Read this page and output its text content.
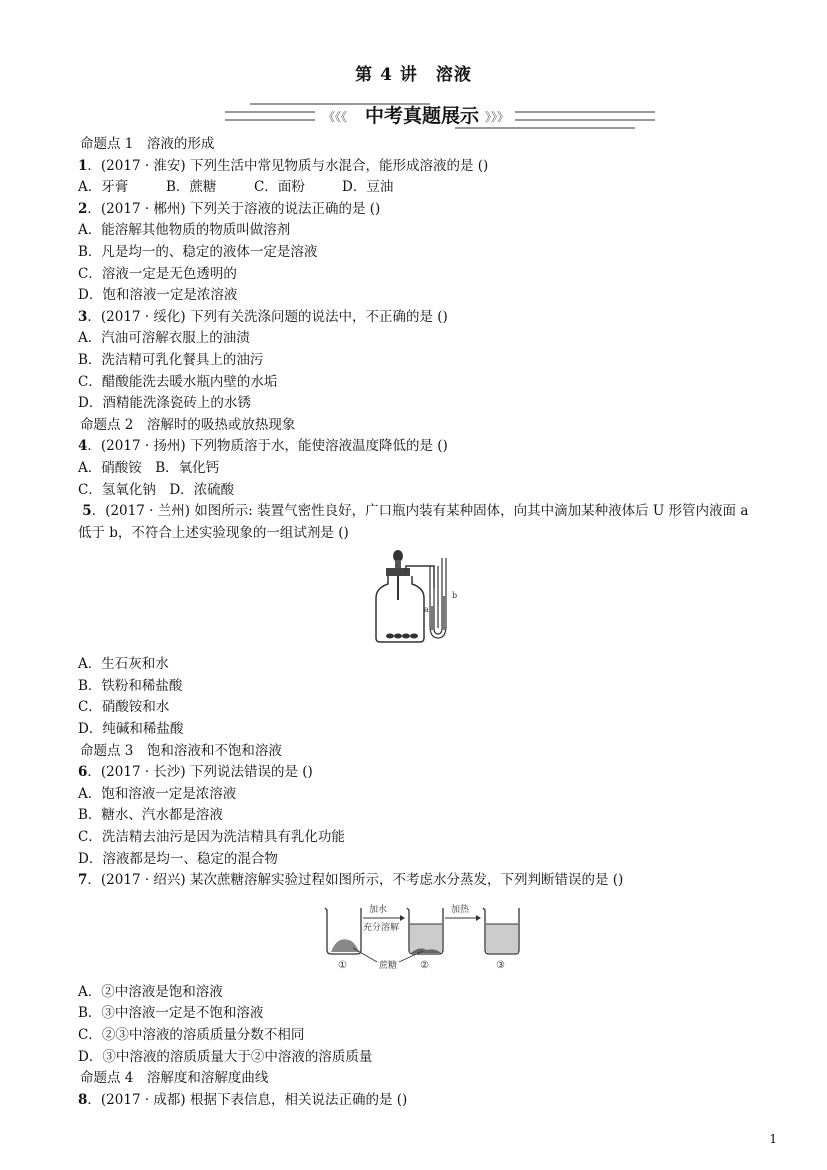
第 4 讲 溶液
《《《	》》》
中考真题展示
命题点 1　溶液的形成
1．(2017 · 淮安) 下列生活中常见物质与水混合，能形成溶液的是 ()
A．牙膏	B．蔗糖	C．面粉	D．豆油
2．(2017 · 郴州) 下列关于溶液的说法正确的是 ()
A．能溶解其他物质的物质叫做溶剂
B．凡是均一的、稳定的液体一定是溶液
C．溶液一定是无色透明的
D．饱和溶液一定是浓溶液
3．(2017 · 绥化) 下列有关洗涤问题的说法中，不正确的是 ()
A．汽油可溶解衣服上的油渍
B．洗洁精可乳化餐具上的油污
C．醋酸能洗去暖水瓶内壁的水垢
D．酒精能洗涤瓷砖上的水锈
命题点 2　溶解时的吸热或放热现象
4．(2017 · 扬州) 下列物质溶于水，能使溶液温度降低的是 ()
A．硝酸铵　B．氧化钙
C．氢氧化钠　D．浓硫酸
5．(2017 · 兰州) 如图所示: 装置气密性良好，广口瓶内装有某种固体，向其中滴加某种液体后 U 形管内液面 a
低于 b，不符合上述实验现象的一组试剂是 ()
a
b
A．生石灰和水
B．铁粉和稀盐酸
C．硝酸铵和水
D．纯碱和稀盐酸
命题点 3　饱和溶液和不饱和溶液
6．(2017 · 长沙) 下列说法错误的是 ()
A．饱和溶液一定是浓溶液
B．糖水、汽水都是溶液
C．洗洁精去油污是因为洗洁精具有乳化功能
D．溶液都是均一、稳定的混合物
7．(2017 · 绍兴) 某次蔗糖溶解实验过程如图所示，不考虑水分蒸发，下列判断错误的是 ()
加水
充分溶解
加热
蔗糖
①	②	③
A．②中溶液是饱和溶液
B．③中溶液一定是不饱和溶液
C．②③中溶液的溶质质量分数不相同
D．③中溶液的溶质质量大于②中溶液的溶质质量
命题点 4　溶解度和溶解度曲线
8．(2017 · 成都) 根据下表信息，相关说法正确的是 ()
1
